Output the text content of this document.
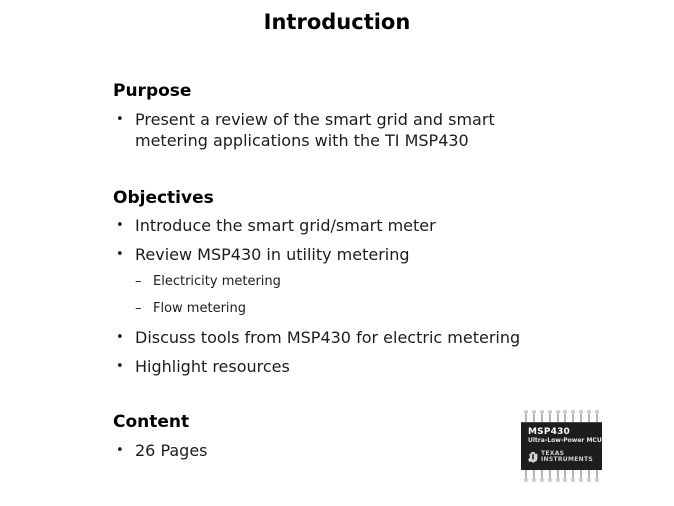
Introduction
Purpose
• Present a review of the smart grid and smart metering applications with the TI MSP430
Objectives
• Introduce the smart grid/smart meter
• Review MSP430 in utility metering
– Electricity metering
– Flow metering
• Discuss tools from MSP430 for electric metering
• Highlight resources
Content
• 26 Pages
MSP430
Ultra-Low-Power MCU
TEXAS
INSTRUMENTS
